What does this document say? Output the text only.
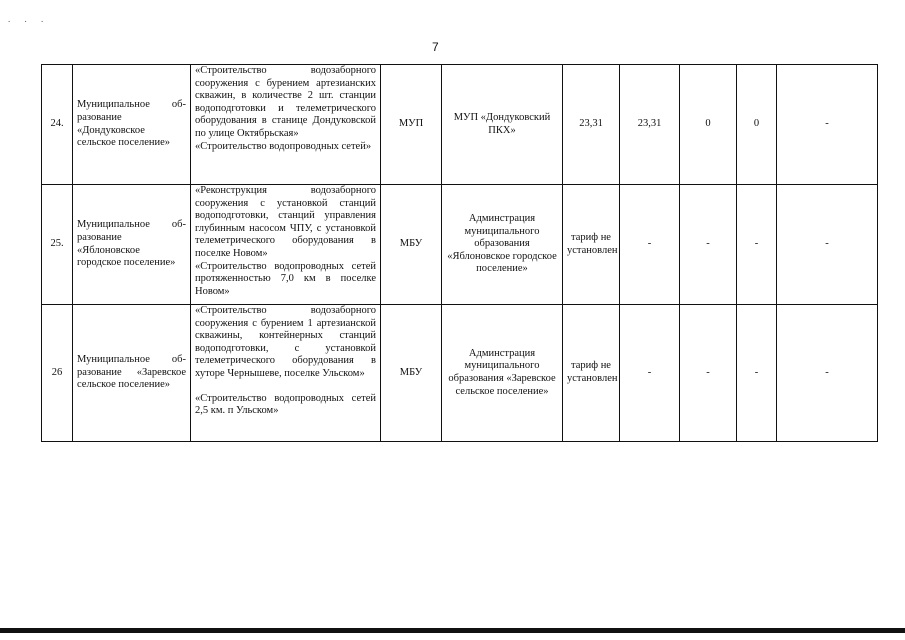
. . .
7
24.	Муниципальное об-разование «Дондуковское сельское поселение»	«Строительство водозаборного сооружения с бурением артезианских скважин, в количестве 2 шт. станции водоподготовки и телеметрического оборудования в станице Дондуковской по улице Октябрьская»

«Строительство водопроводных сетей»	МУП	МУП «Дондуковский ПКХ»	23,31	23,31	0	0	-
25.	Муниципальное об-разование «Яблоновское городское поселение»	«Реконструкция водозаборного сооружения с установкой станций водоподготовки, станций управления глубинным насосом ЧПУ, с установкой телеметрического оборудования в поселке Новом»

«Строительство водопроводных сетей протяженностью 7,0 км в поселке Новом»	МБУ	Админстрация муниципального образования «Яблоновское городское поселение»	тариф не установлен	-	-	-	-
26	Муниципальное об-разование «Заревское сельское поселение»	«Строительство водозаборного сооружения с бурением 1 артезианской скважины, контейнерных станций водоподготовки, с установкой телеметрического оборудования в хуторе Чернышеве, поселке Ульском»

«Строительство водопроводных сетей 2,5 км. п Ульском»	МБУ	Админстрация муниципального образования «Заревское сельское поселение»	тариф не установлен	-	-	-	-
